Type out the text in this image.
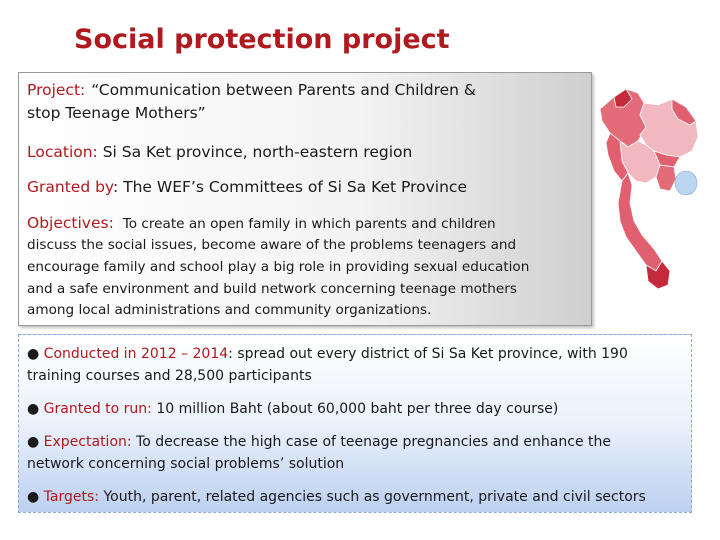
Social protection project
Project: “Communication between Parents and Children &
stop Teenage Mothers”
Location: Si Sa Ket province, north-eastern region
Granted by: The WEF’s Committees of Si Sa Ket Province
Objectives: To create an open family in which parents and children
discuss the social issues, become aware of the problems teenagers and
encourage family and school play a big role in providing sexual education
and a safe environment and build network concerning teenage mothers
among local administrations and community organizations.
● Conducted in 2012 – 2014: spread out every district of Si Sa Ket province, with 190
training courses and 28,500 participants
● Granted to run: 10 million Baht (about 60,000 baht per three day course)
● Expectation: To decrease the high case of teenage pregnancies and enhance the
network concerning social problems’ solution
● Targets: Youth, parent, related agencies such as government, private and civil sectors
